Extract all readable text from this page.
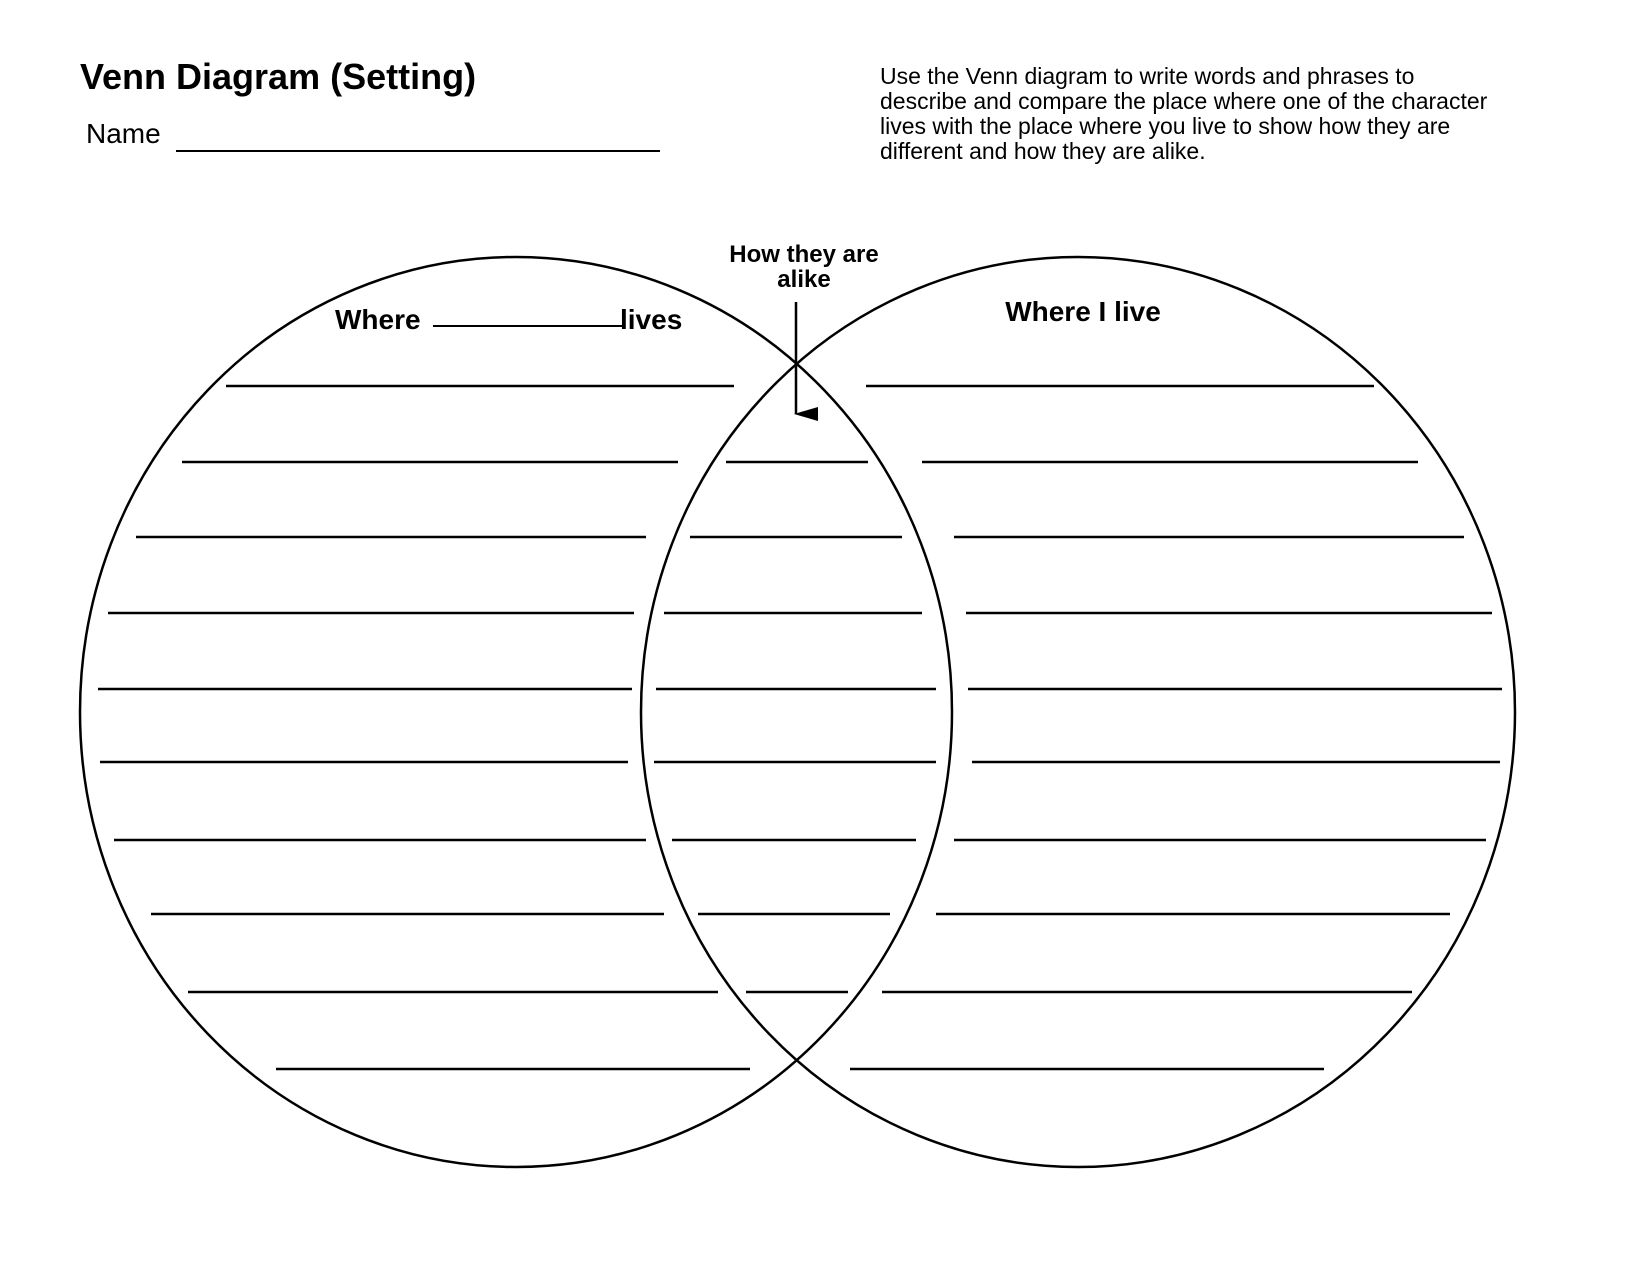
Venn Diagram (Setting)
Name
Use the Venn diagram to write words and phrases to
describe and compare the place where one of the character
lives with the place where you live to show how they are
different and how they are alike.
Where	lives	Where I live
How they are
alike
